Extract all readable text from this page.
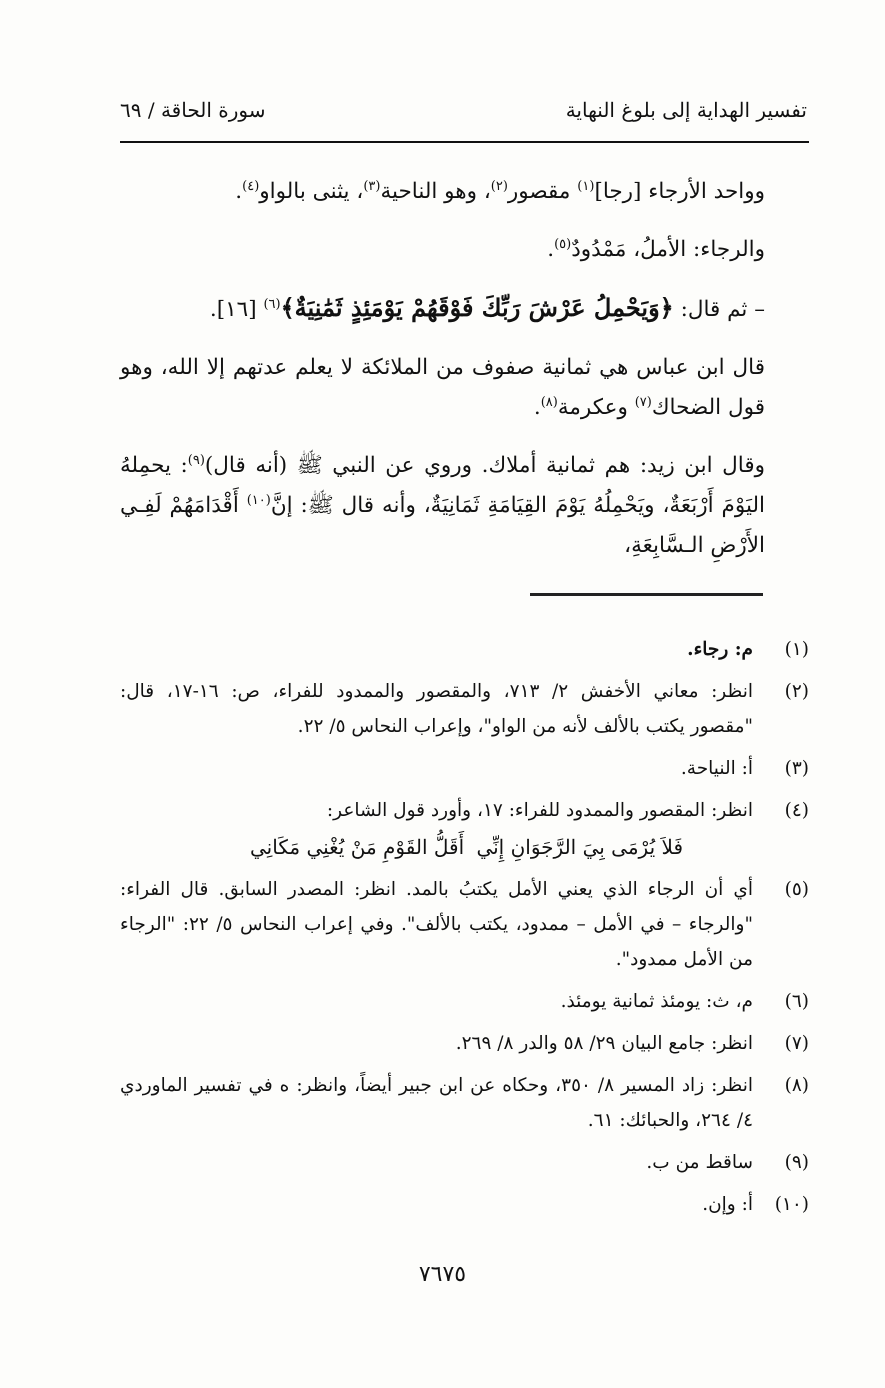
تفسير الهداية إلى بلوغ النهاية
سورة الحاقة / ٦٩

وواحد الأرجاء [رجا]$^{(١)}$ مقصور$^{(٢)}$، وهو الناحية$^{(٣)}$، يثنى بالواو$^{(٤)}$.

والرجاء: الأملُ، مَمْدُودٌ$^{(٥)}$.

– ثم قال: ﴿وَيَحْمِلُ عَرْشَ رَبِّكَ فَوْقَهُمْ يَوْمَئِذٍ ثَمَٰنِيَةٌ﴾$^{(٦)}$ [١٦].

قال ابن عباس هي ثمانية صفوف من الملائكة لا يعلم عدتهم إلا الله، وهو قول الضحاك$^{(٧)}$ وعكرمة$^{(٨)}$.

وقال ابن زيد: هم ثمانية أملاك. وروي عن النبي ﷺ (أنه قال)$^{(٩)}$: يحمِلهُ اليَوْمَ أَرْبَعَةٌ، ويَحْمِلُهُ يَوْمَ القِيَامَةِ ثَمَانِيَةٌ، وأنه قال ﷺ: إنَّ$^{(١٠)}$ أَقْدَامَهُمْ لَفِـي الأَرْضِ الـسَّابِعَةِ،

(١)
م: رجاء.
(٢)
انظر: معاني الأخفش ٢/ ٧١٣، والمقصور والممدود للفراء، ص: ١٦-١٧، قال: "مقصور يكتب بالألف لأنه من الواو"، وإعراب النحاس ٥/ ٢٢.
(٣)
أ: النياحة.
(٤)
انظر: المقصور والممدود للفراء: ١٧، وأورد قول الشاعر:
فَلاَ يُرْمَى بِيَ الرَّجَوَانِ إِنِّي
أَقَلُّ القَوْمِ مَنْ يُغْنِي مَكَانِي
(٥)
أي أن الرجاء الذي يعني الأمل يكتبُ بالمد. انظر: المصدر السابق. قال الفراء: "والرجاء – في الأمل – ممدود، يكتب بالألف". وفي إعراب النحاس ٥/ ٢٢: "الرجاء من الأمل ممدود".
(٦)
م، ث: يومئذ ثمانية يومئذ.
(٧)
انظر: جامع البيان ٢٩/ ٥٨ والدر ٨/ ٢٦٩.
(٨)
انظر: زاد المسير ٨/ ٣٥٠، وحكاه عن ابن جبير أيضاً، وانظر: ه في تفسير الماوردي ٤/ ٢٦٤، والحبائك: ٦١.
(٩)
ساقط من ب.
(١٠)
أ: وإن.
٧٦٧٥
